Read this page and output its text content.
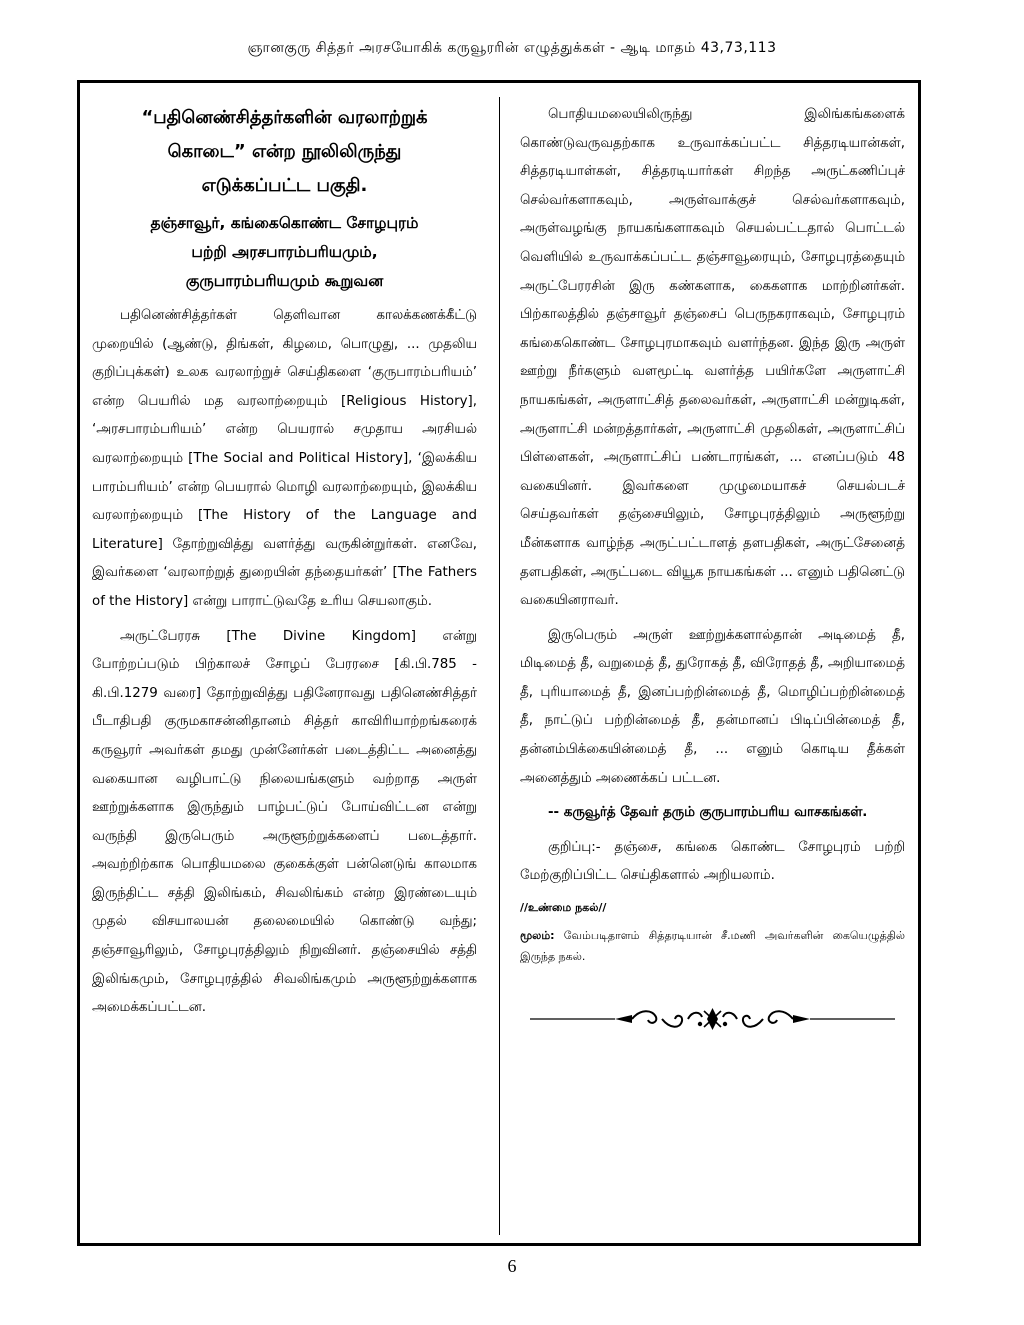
ஞானகுரு சித்தர் அரசயோகிக் கருவூரரின் எழுத்துக்கள் - ஆடி மாதம் 43,73,113
“பதினெண்சித்தர்களின் வரலாற்றுக்
கொடை” என்ற நூலிலிருந்து
எடுக்கப்பட்ட பகுதி.
தஞ்சாவூர், கங்கைகொண்ட சோழபுரம்
பற்றி அரசபாரம்பரியமும்,
குருபாரம்பரியமும் கூறுவன

பதினெண்சித்தர்கள் தெளிவான காலக்கணக்கீட்டு முறையில் (ஆண்டு, திங்கள், கிழமை, பொழுது, ... முதலிய குறிப்புக்கள்) உலக வரலாற்றுச் செய்திகளை ‘குருபாரம்பரியம்’ என்ற பெயரில் மத வரலாற்றையும் [Religious History], ‘அரசபாரம்பரியம்’ என்ற பெயரால் சமுதாய அரசியல் வரலாற்றையும் [The Social and Political History], ‘இலக்கிய பாரம்பரியம்’ என்ற பெயரால் மொழி வரலாற்றையும், இலக்கிய வரலாற்றையும் [The History of the Language and Literature] தோற்றுவித்து வளர்த்து வருகின்றுர்கள். எனவே, இவர்களை ‘வரலாற்றுத் துறையின் தந்தையர்கள்’ [The Fathers of the History] என்று பாராட்டுவதே உரிய செயலாகும்.

அருட்பேரரசு [The Divine Kingdom] என்று போற்றப்படும் பிற்காலச் சோழப் பேரரசை [கி.பி.785 - கி.பி.1279 வரை] தோற்றுவித்து பதினேராவது பதினெண்சித்தர் பீடாதிபதி குருமகாசன்னிதானம் சித்தர் காவிரியாற்றங்கரைக் கருவூரர் அவர்கள் தமது முன்னேர்கள் படைத்திட்ட அனைத்து வகையான வழிபாட்டு நிலையங்களும் வற்றாத அருள் ஊற்றுக்களாக இருந்தும் பாழ்பட்டுப் போய்விட்டன என்று வருந்தி இருபெரும் அருளூற்றுக்களைப் படைத்தார். அவற்றிற்காக பொதியமலை குகைக்குள் பன்னெடுங் காலமாக இருந்திட்ட சத்தி இலிங்கம், சிவலிங்கம் என்ற இரண்டையும் முதல் விசயாலயன் தலைமையில் கொண்டு வந்து; தஞ்சாவூரிலும், சோழபுரத்திலும் நிறுவினர். தஞ்சையில் சத்தி இலிங்கமும், சோழபுரத்தில் சிவலிங்கமும் அருளூற்றுக்களாக அமைக்கப்பட்டன.

பொதியமலையிலிருந்து இலிங்கங்களைக் கொண்டுவருவதற்காக உருவாக்கப்பட்ட சித்தரடியான்கள், சித்தரடியாள்கள், சித்தரடியார்கள் சிறந்த அருட்கணிப்புச் செல்வர்களாகவும், அருள்வாக்குச் செல்வர்களாகவும், அருள்வழங்கு நாயகங்களாகவும் செயல்பட்டதால் பொட்டல் வெளியில் உருவாக்கப்பட்ட தஞ்சாவூரையும், சோழபுரத்தையும் அருட்பேரரசின் இரு கண்களாக, கைகளாக மாற்றினர்கள். பிற்காலத்தில் தஞ்சாவூர் தஞ்சைப் பெருநகராகவும், சோழபுரம் கங்கைகொண்ட சோழபுரமாகவும் வளர்ந்தன. இந்த இரு அருள் ஊற்று நீர்களும் வளமூட்டி வளர்த்த பயிர்களே அருளாட்சி நாயகங்கள், அருளாட்சித் தலைவர்கள், அருளாட்சி மன்றுடிகள், அருளாட்சி மன்றத்தார்கள், அருளாட்சி முதலிகள், அருளாட்சிப் பிள்ளைகள், அருளாட்சிப் பண்டாரங்கள், ... எனப்படும் 48 வகையினர். இவர்களை முழுமையாகச் செயல்படச் செய்தவர்கள் தஞ்சையிலும், சோழபுரத்திலும் அருளூற்று மீன்களாக வாழ்ந்த அருட்பட்டாளத் தளபதிகள், அருட்சேனைத் தளபதிகள், அருட்படை வியூக நாயகங்கள் ... எனும் பதினெட்டு வகையினராவர்.

இருபெரும் அருள் ஊற்றுக்களால்தான் அடிமைத் தீ, மிடிமைத் தீ, வறுமைத் தீ, துரோகத் தீ, விரோதத் தீ, அறியாமைத் தீ, புரியாமைத் தீ, இனப்பற்றின்மைத் தீ, மொழிப்பற்றின்மைத் தீ, நாட்டுப் பற்றின்மைத் தீ, தன்மானப் பிடிப்பின்மைத் தீ, தன்னம்பிக்கையின்மைத் தீ, ... எனும் கொடிய தீக்கள் அனைத்தும் அணைக்கப் பட்டன.

-- கருவூர்த் தேவர் தரும் குருபாரம்பரிய வாசகங்கள்.

குறிப்பு:- தஞ்சை, கங்கை கொண்ட சோழபுரம் பற்றி மேற்குறிப்பிட்ட செய்திகளால் அறியலாம்.

//உண்மை நகல்//

மூலம்: வேம்படிதாளம் சித்தரடியான் சீ.மணி அவர்களின் கையெழுத்தில் இருந்த நகல்.

6
